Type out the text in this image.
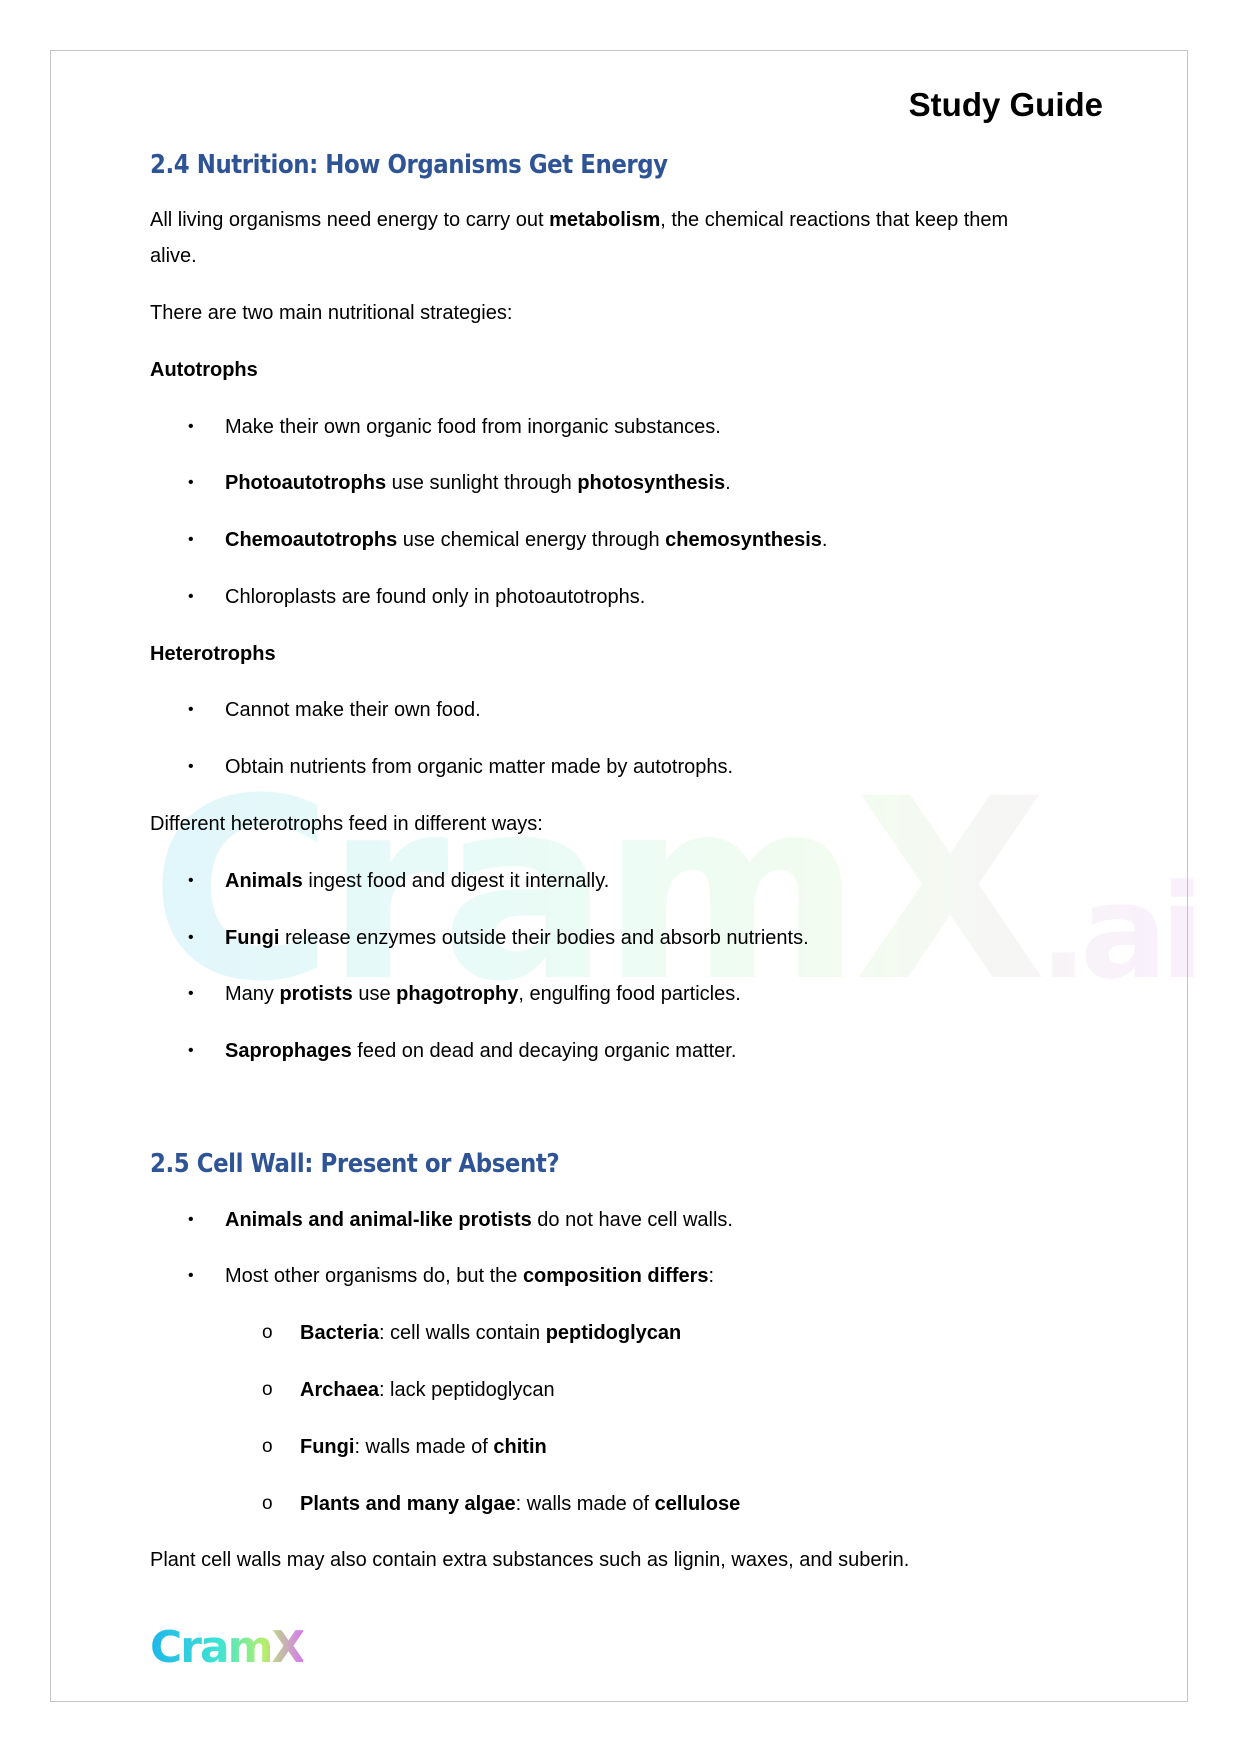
CramX.ai
Study Guide
2.4 Nutrition: How Organisms Get Energy
2.5 Cell Wall: Present or Absent?
All living organisms need energy to carry out metabolism, the chemical reactions that keep them
alive.
There are two main nutritional strategies:
Autotrophs
• Make their own organic food from inorganic substances.
• Photoautotrophs use sunlight through photosynthesis.
• Chemoautotrophs use chemical energy through chemosynthesis.
• Chloroplasts are found only in photoautotrophs.
Heterotrophs
• Cannot make their own food.
• Obtain nutrients from organic matter made by autotrophs.
Different heterotrophs feed in different ways:
• Animals ingest food and digest it internally.
• Fungi release enzymes outside their bodies and absorb nutrients.
• Many protists use phagotrophy, engulfing food particles.
• Saprophages feed on dead and decaying organic matter.
• Animals and animal-like protists do not have cell walls.
• Most other organisms do, but the composition differs:
o Bacteria: cell walls contain peptidoglycan
o Archaea: lack peptidoglycan
o Fungi: walls made of chitin
o Plants and many algae: walls made of cellulose
Plant cell walls may also contain extra substances such as lignin, waxes, and suberin.
CramX
